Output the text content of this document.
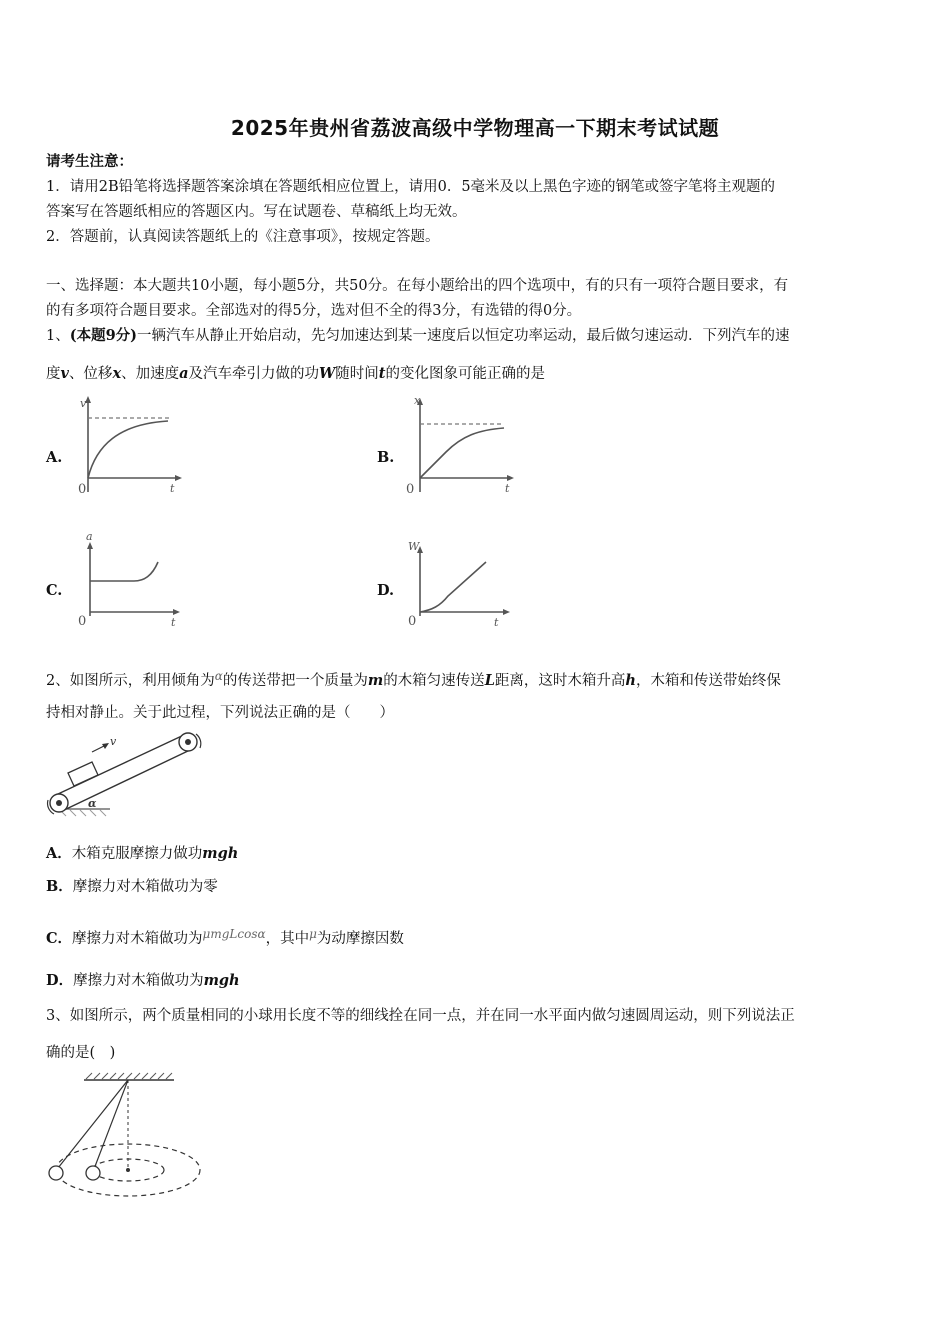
2025年贵州省荔波高级中学物理高一下期末考试试题
请考生注意：
1．请用2B铅笔将选择题答案涂填在答题纸相应位置上，请用0．5毫米及以上黑色字迹的钢笔或签字笔将主观题的
答案写在答题纸相应的答题区内。写在试题卷、草稿纸上均无效。
2．答题前，认真阅读答题纸上的《注意事项》，按规定答题。
一、选择题：本大题共10小题，每小题5分，共50分。在每小题给出的四个选项中，有的只有一项符合题目要求，有
的有多项符合题目要求。全部选对的得5分，选对但不全的得3分，有选错的得0分。
1、(本题9分)一辆汽车从静止开始启动，先匀加速达到某一速度后以恒定功率运动，最后做匀速运动．下列汽车的速
度v、位移x、加速度a及汽车牵引力做的功W随时间t的变化图象可能正确的是
A.	B.
C.	D.
v
t
0
x
t
0
a
t
0
W
t
0
2、如图所示，利用倾角为$^\alpha$的传送带把一个质量为m的木箱匀速传送L距离，这时木箱升高h，木箱和传送带始终保
持相对静止。关于此过程，下列说法正确的是（　　）
v
α
A．木箱克服摩擦力做功mgh
B．摩擦力对木箱做功为零
C．摩擦力对木箱做功为$^{\mu mgLcos\alpha}$，其中$^\mu$为动摩擦因数
D．摩擦力对木箱做功为mgh
3、如图所示，两个质量相同的小球用长度不等的细线拴在同一点，并在同一水平面内做匀速圆周运动，则下列说法正
确的是(　)
